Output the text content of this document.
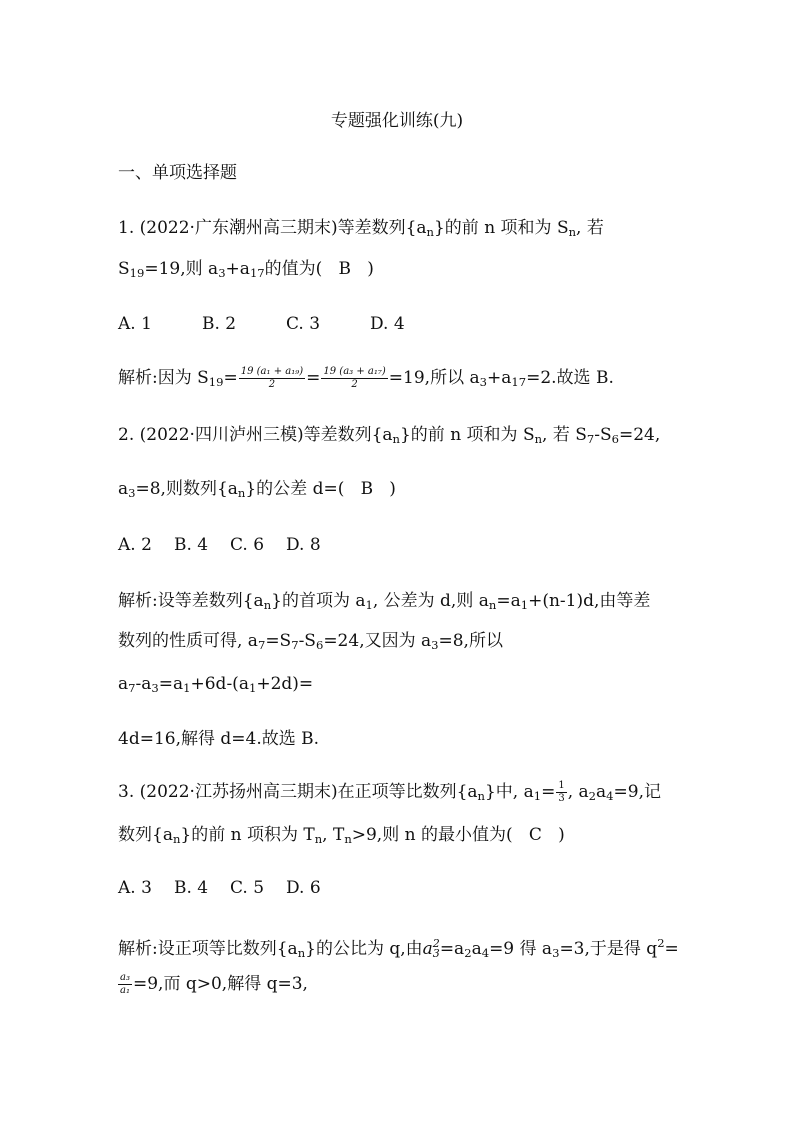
专题强化训练(九)
一、单项选择题
1. (2022·广东潮州高三期末)等差数列$\{a_n\}$的前 n 项和为 $S_n$, 若
$S_{19}=19$,则 $a_3+a_{17}$的值为( B )
A. 1	B. 2	C. 3	D. 4
解析:因为 $S_{19}= \frac{\text{19 (a₁ + a₁₉)}}{2} = \frac{\text{19 (a₃ + a₁₇)}}{2} =19$,所以 $a_3+a_{17}=2$.故选 B.
2. (2022·四川泸州三模)等差数列$\{a_n\}$的前 n 项和为 $S_n$, 若 $S_7-S_6=24$,
$a_3=8$,则数列$\{a_n\}$的公差 d=( B )
A. 2 B. 4 C. 6 D. 8
解析:设等差数列$\{a_n\}$的首项为 $a_1$, 公差为 d,则 $a_n=a_1+(n-1)d$,由等差
数列的性质可得, $a_7=S_7-S_6=24$,又因为 $a_3=8$,所以
$a_7-a_3=a_1+6d-(a_1+2d)=$
4d=16,解得 d=4.故选 B.
3. (2022·江苏扬州高三期末)在正项等比数列$\{a_n\}$中, $a_1= \frac{1}{3}$ , $a_2a_4=9$,记
数列$\{a_n\}$的前 n 项积为 $T_n$, $T_n>9$,则 n 的最小值为( C )
A. 3 B. 4 C. 5 D. 6
解析:设正项等比数列$\{a_n\}$的公比为 q,由a 2
$3 =a_2a_4=9$ 得 $a_3=3$,于是得 $q^2=$
$\frac{\text{a₃}}{\text{a₁}} =9$,而 q>0,解得 q=3,
